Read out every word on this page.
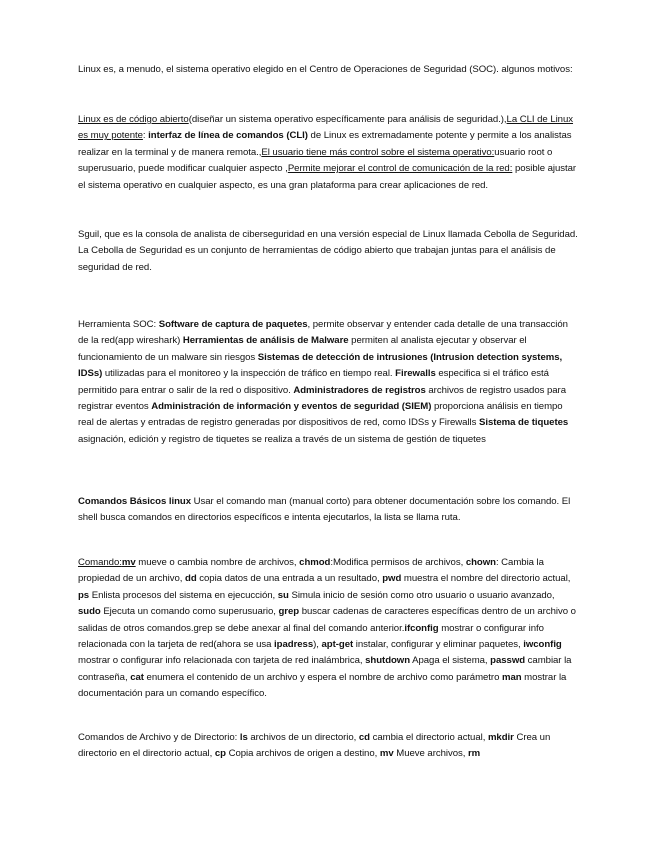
Linux es, a menudo, el sistema operativo elegido en el Centro de Operaciones de Seguridad (SOC). algunos motivos:

Linux es de código abierto(diseñar un sistema operativo específicamente para análisis de seguridad.),La CLI de Linux es muy potente: interfaz de línea de comandos (CLI) de Linux es extremadamente potente y permite a los analistas realizar en la terminal y de manera remota.,El usuario tiene más control sobre el sistema operativo:usuario root o superusuario, puede modificar cualquier aspecto ,Permite mejorar el control de comunicación de la red: posible ajustar el sistema operativo en cualquier aspecto, es una gran plataforma para crear aplicaciones de red.

Sguil, que es la consola de analista de ciberseguridad en una versión especial de Linux llamada Cebolla de Seguridad. La Cebolla de Seguridad es un conjunto de herramientas de código abierto que trabajan juntas para el análisis de seguridad de red.

Herramienta SOC: Software de captura de paquetes, permite observar y entender cada detalle de una transacción de la red(app wireshark) Herramientas de análisis de Malware permiten al analista ejecutar y observar el funcionamiento de un malware sin riesgos Sistemas de detección de intrusiones (Intrusion detection systems, IDSs) utilizadas para el monitoreo y la inspección de tráfico en tiempo real. Firewalls especifica si el tráfico está permitido para entrar o salir de la red o dispositivo. Administradores de registros archivos de registro usados para registrar eventos Administración de información y eventos de seguridad (SIEM) proporciona análisis en tiempo real de alertas y entradas de registro generadas por dispositivos de red, como IDSs y Firewalls Sistema de tiquetes asignación, edición y registro de tiquetes se realiza a través de un sistema de gestión de tiquetes

Comandos Básicos linux Usar el comando man (manual corto) para obtener documentación sobre los comando. El shell busca comandos en directorios específicos e intenta ejecutarlos, la lista se llama ruta.

Comando:mv mueve o cambia nombre de archivos, chmod:Modifica permisos de archivos, chown: Cambia la propiedad de un archivo, dd copia datos de una entrada a un resultado, pwd muestra el nombre del directorio actual, ps Enlista procesos del sistema en ejecucción, su Simula inicio de sesión como otro usuario o usuario avanzado, sudo Ejecuta un comando como superusuario, grep buscar cadenas de caracteres específicas dentro de un archivo o salidas de otros comandos.grep se debe anexar al final del comando anterior.ifconfig mostrar o configurar info relacionada con la tarjeta de red(ahora se usa ipadress), apt-get instalar, configurar y eliminar paquetes, iwconfig mostrar o configurar info relacionada con tarjeta de red inalámbrica, shutdown Apaga el sistema, passwd cambiar la contraseña, cat enumera el contenido de un archivo y espera el nombre de archivo como parámetro man mostrar la documentación para un comando específico.

Comandos de Archivo y de Directorio: ls archivos de un directorio, cd cambia el directorio actual, mkdir Crea un directorio en el directorio actual, cp Copia archivos de origen a destino, mv Mueve archivos, rm
